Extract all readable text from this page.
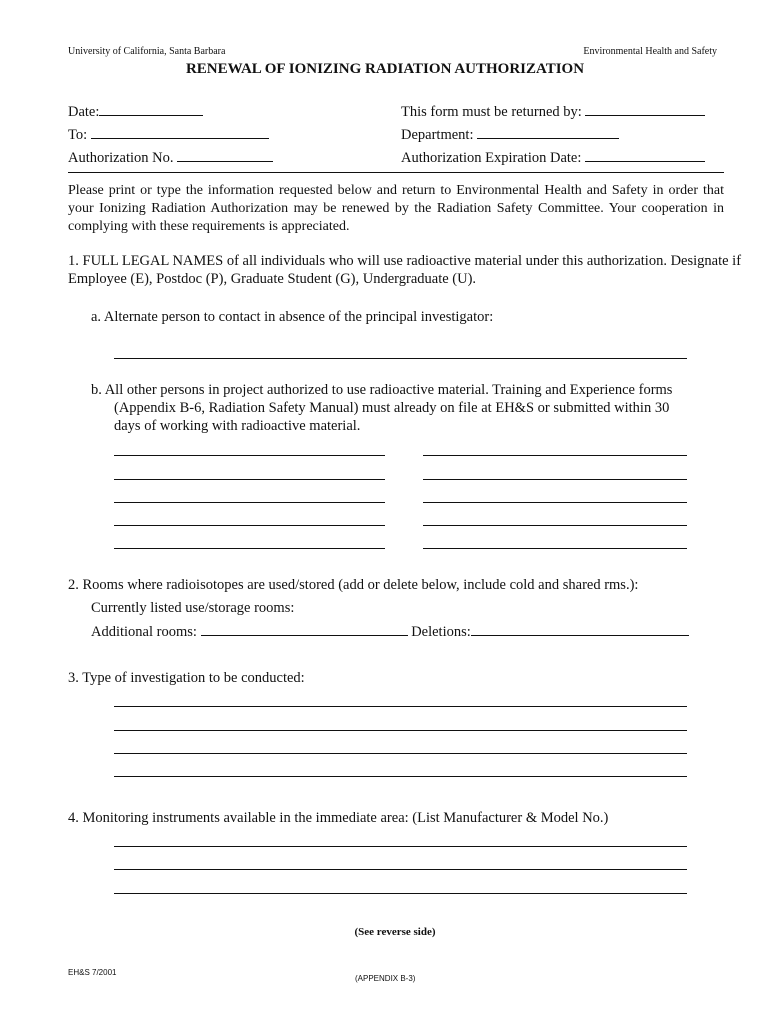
University of California, Santa Barbara	Environmental Health and Safety
RENEWAL OF IONIZING RADIATION AUTHORIZATION
Date:
To:
Authorization No.
This form must be returned by:
Department:
Authorization Expiration Date:
Please print or type the information requested below and return to Environmental Health and Safety in order that your Ionizing Radiation Authorization may be renewed by the Radiation Safety Committee. Your cooperation in complying with these requirements is appreciated.
1. FULL LEGAL NAMES of all individuals who will use radioactive material under this authorization. Designate if
Employee (E), Postdoc (P), Graduate Student (G), Undergraduate (U).
a. Alternate person to contact in absence of the principal investigator:
b. All other persons in project authorized to use radioactive material. Training and Experience forms
(Appendix B-6, Radiation Safety Manual) must already on file at EH&S or submitted within 30
days of working with radioactive material.
2. Rooms where radioisotopes are used/stored (add or delete below, include cold and shared rms.):
Currently listed use/storage rooms:
Additional rooms:	Deletions:
3. Type of investigation to be conducted:
4. Monitoring instruments available in the immediate area: (List Manufacturer & Model No.)
(See reverse side)
EH&S 7/2001
(APPENDIX B-3)
